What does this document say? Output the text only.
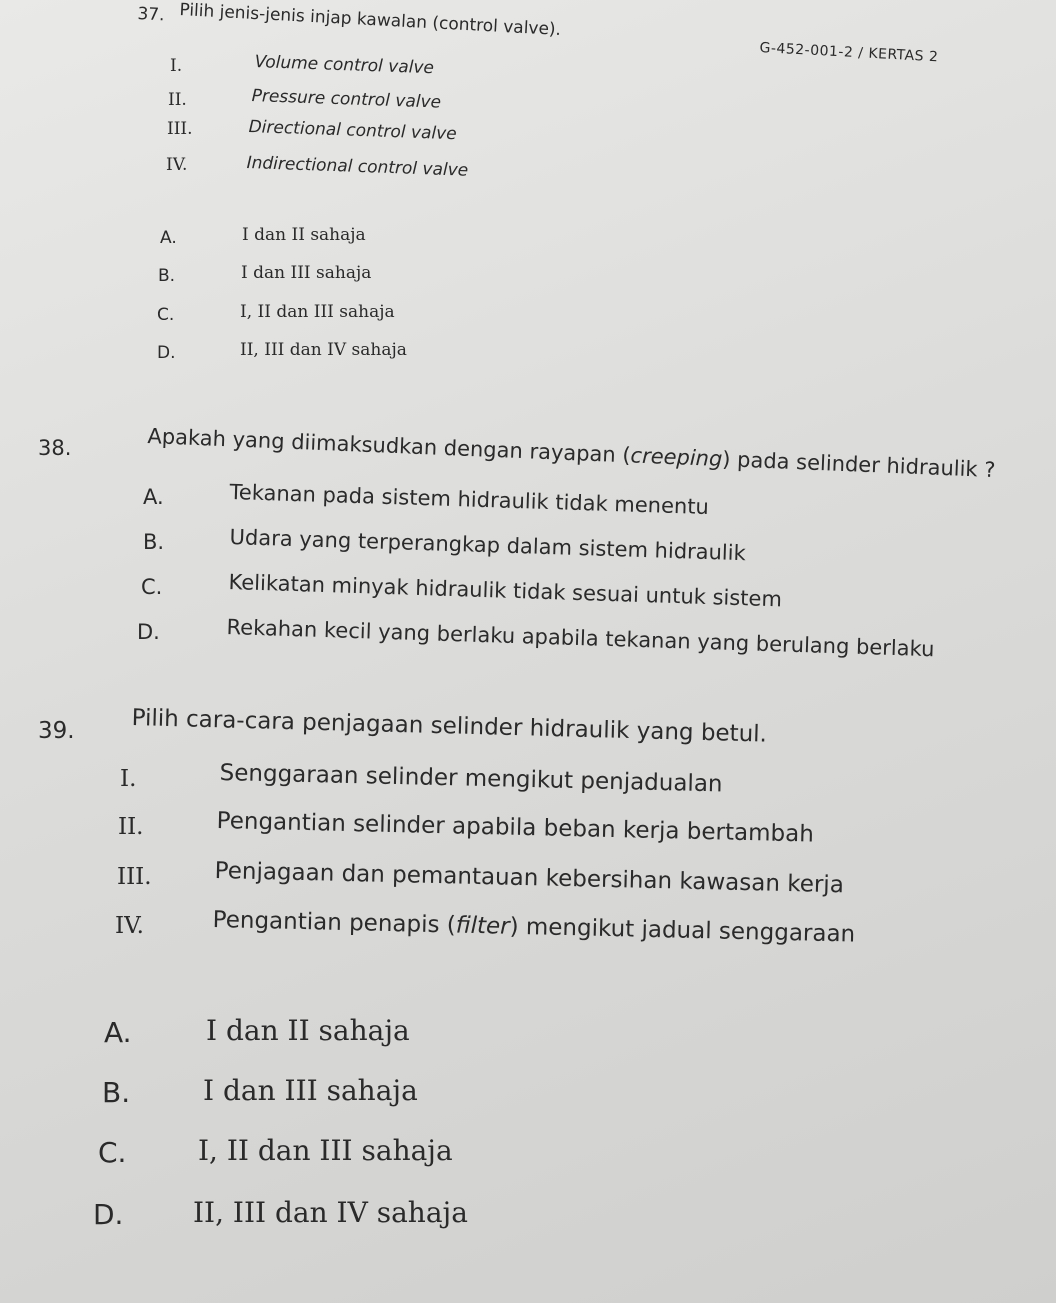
G-452-001-2 / KERTAS 2
37. Pilih jenis-jenis injap kawalan (control valve).
I.	Volume control valve
II.	Pressure control valve
III.	Directional control valve
IV.	Indirectional control valve
A.	I dan II sahaja
B.	I dan III sahaja
C.	I, II dan III sahaja
D.	II, III dan IV sahaja
38.	Apakah yang diimaksudkan dengan rayapan (creeping) pada selinder hidraulik ?
A.	Tekanan pada sistem hidraulik tidak menentu
B.	Udara yang terperangkap dalam sistem hidraulik
C.	Kelikatan minyak hidraulik tidak sesuai untuk sistem
D.	Rekahan kecil yang berlaku apabila tekanan yang berulang berlaku
39. Pilih cara-cara penjagaan selinder hidraulik yang betul.
I.	Senggaraan selinder mengikut penjadualan
II.	Pengantian selinder apabila beban kerja bertambah
III.	Penjagaan dan pemantauan kebersihan kawasan kerja
IV.	Pengantian penapis (filter) mengikut jadual senggaraan
A.	I dan II sahaja
B.	I dan III sahaja
C.	I, II dan III sahaja
D. II, III dan IV sahaja
